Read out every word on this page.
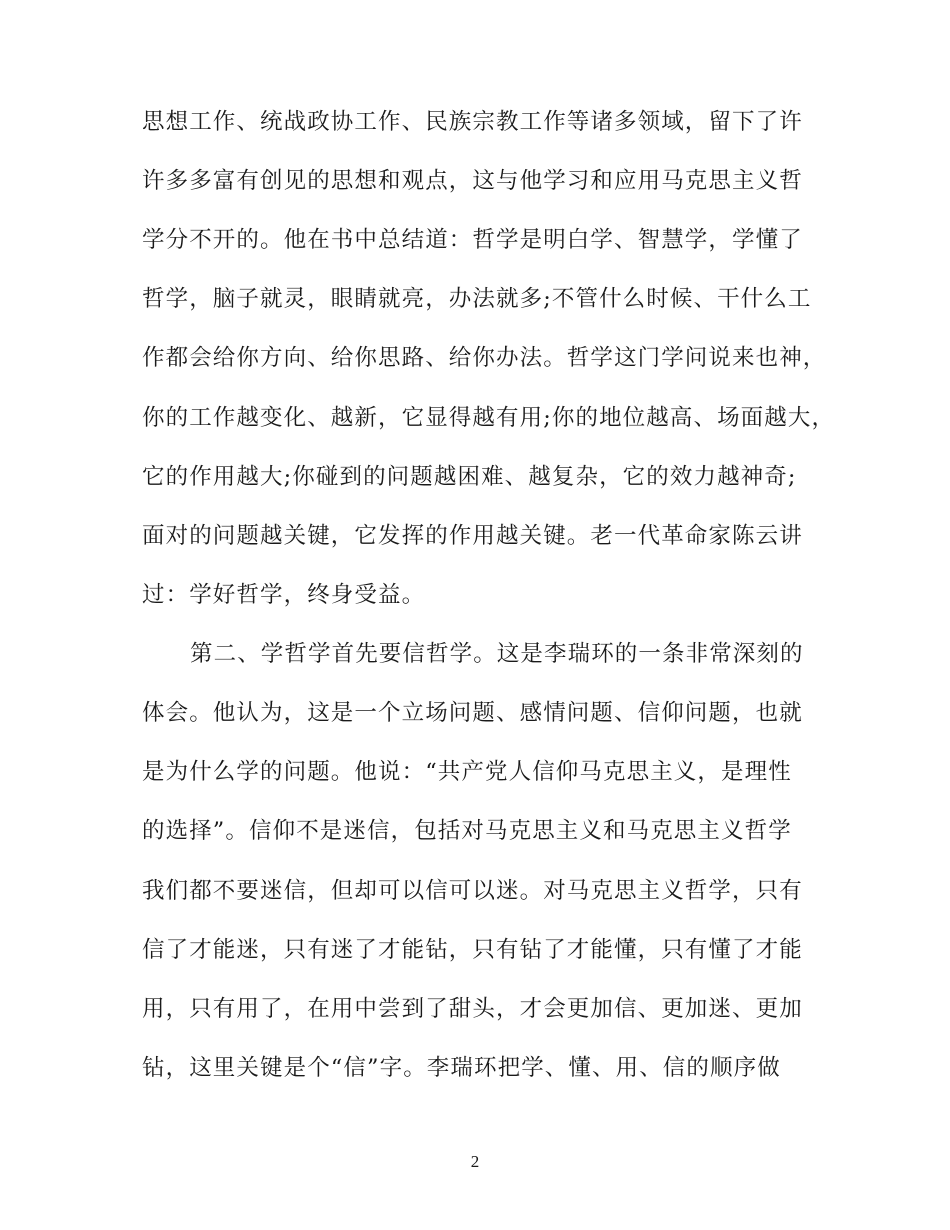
思想工作、统战政协工作、民族宗教工作等诸多领域，留下了许
许多多富有创见的思想和观点，这与他学习和应用马克思主义哲
学分不开的。他在书中总结道：哲学是明白学、智慧学，学懂了
哲学，脑子就灵，眼睛就亮，办法就多;不管什么时候、干什么工
作都会给你方向、给你思路、给你办法。哲学这门学问说来也神，
你的工作越变化、越新，它显得越有用;你的地位越高、场面越大，
它的作用越大;你碰到的问题越困难、越复杂，它的效力越神奇;
面对的问题越关键，它发挥的作用越关键。老一代革命家陈云讲
过：学好哲学，终身受益。
第二、学哲学首先要信哲学。这是李瑞环的一条非常深刻的
体会。他认为，这是一个立场问题、感情问题、信仰问题，也就
是为什么学的问题。他说：“共产党人信仰马克思主义，是理性
的选择”。信仰不是迷信，包括对马克思主义和马克思主义哲学
我们都不要迷信，但却可以信可以迷。对马克思主义哲学，只有
信了才能迷，只有迷了才能钻，只有钻了才能懂，只有懂了才能
用，只有用了，在用中尝到了甜头，才会更加信、更加迷、更加
钻，这里关键是个“信”字。李瑞环把学、懂、用、信的顺序做
2
